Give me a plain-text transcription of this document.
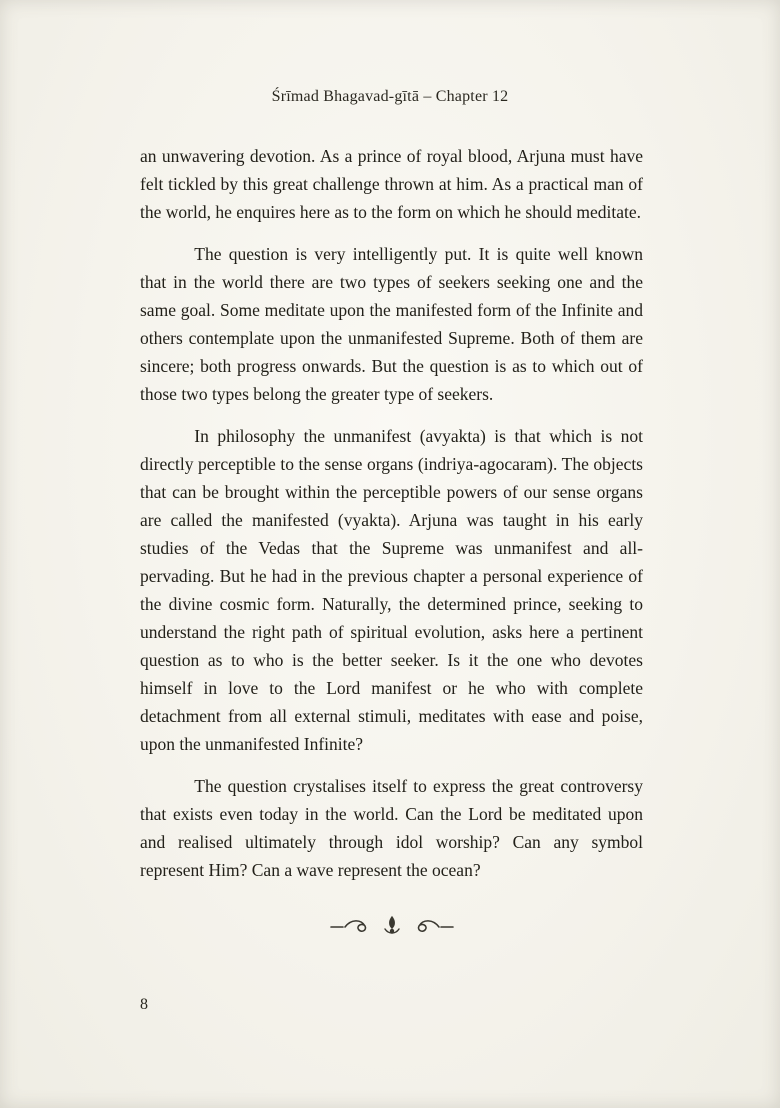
Śrīmad Bhagavad-gītā – Chapter 12

an unwavering devotion. As a prince of royal blood, Arjuna must have felt tickled by this great challenge thrown at him. As a practical man of the world, he enquires here as to the form on which he should meditate.

The question is very intelligently put. It is quite well known that in the world there are two types of seekers seeking one and the same goal. Some meditate upon the manifested form of the Infinite and others contemplate upon the unmanifested Supreme. Both of them are sincere; both progress onwards. But the question is as to which out of those two types belong the greater type of seekers.

In philosophy the unmanifest (avyakta) is that which is not directly perceptible to the sense organs (indriya-agocaram). The objects that can be brought within the perceptible powers of our sense organs are called the manifested (vyakta). Arjuna was taught in his early studies of the Vedas that the Supreme was unmanifest and all-pervading. But he had in the previous chapter a personal experience of the divine cosmic form. Naturally, the determined prince, seeking to understand the right path of spiritual evolution, asks here a pertinent question as to who is the better seeker. Is it the one who devotes himself in love to the Lord manifest or he who with complete detachment from all external stimuli, meditates with ease and poise, upon the unmanifested Infinite?

The question crystalises itself to express the great controversy that exists even today in the world. Can the Lord be meditated upon and realised ultimately through idol worship? Can any symbol represent Him? Can a wave represent the ocean?

8
